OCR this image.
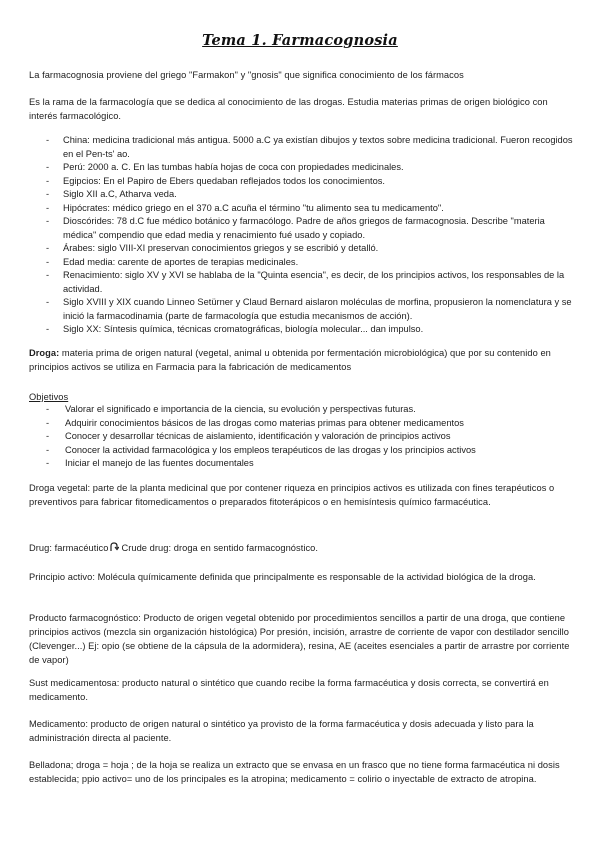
Tema 1. Farmacognosia
La farmacognosia proviene del griego "Farmakon" y "gnosis" que significa conocimiento de los fármacos
Es la rama de la farmacología que se dedica al conocimiento de las drogas. Estudia materias primas de origen biológico con interés farmacológico.
- China: medicina tradicional más antigua. 5000 a.C ya existían dibujos y textos sobre medicina tradicional. Fueron recogidos en el Pen-ts' ao.
- Perú: 2000 a. C. En las tumbas había hojas de coca con propiedades medicinales.
- Egipcios: En el Papiro de Ebers quedaban reflejados todos los conocimientos.
- Siglo XII a.C, Atharva veda.
- Hipócrates: médico griego en el 370 a.C acuña el término "tu alimento sea tu medicamento".
- Dioscórides: 78 d.C fue médico botánico y farmacólogo. Padre de años griegos de farmacognosia. Describe "materia médica" compendio que edad media y renacimiento fué usado y copiado.
- Árabes: siglo VIII-XI preservan conocimientos griegos y se escribió y detalló.
- Edad media: carente de aportes de terapias medicinales.
- Renacimiento: siglo XV y XVI se hablaba de la "Quinta esencia", es decir, de los principios activos, los responsables de la actividad.
- Siglo XVIII y XIX cuando Linneo Setürner y Claud Bernard aislaron moléculas de morfina, propusieron la nomenclatura y se inició la farmacodinamia (parte de farmacología que estudia mecanismos de acción).
- Siglo XX: Síntesis química, técnicas cromatográficas, biología molecular... dan impulso.
Droga: materia prima de origen natural (vegetal, animal u obtenida por fermentación microbiológica) que por su contenido en principios activos se utiliza en Farmacia para la fabricación de medicamentos
Objetivos
- Valorar el significado e importancia de la ciencia, su evolución y perspectivas futuras.
- Adquirir conocimientos básicos de las drogas como materias primas para obtener medicamentos
- Conocer y desarrollar técnicas de aislamiento, identificación y valoración de principios activos
- Conocer la actividad farmacológica y los empleos terapéuticos de las drogas y los principios activos
- Iniciar el manejo de las fuentes documentales
Droga vegetal: parte de la planta medicinal que por contener riqueza en principios activos es utilizada con fines terapéuticos o preventivos para fabricar fitomedicamentos o preparados fitoterápicos o en hemisíntesis químico farmacéutica.
Drug: farmacéutico Crude drug: droga en sentido farmacognóstico.
Principio activo: Molécula químicamente definida que principalmente es responsable de la actividad biológica de la droga.
Producto farmacognóstico: Producto de origen vegetal obtenido por procedimientos sencillos a partir de una droga, que contiene principios activos (mezcla sin organización histológica) Por presión, incisión, arrastre de corriente de vapor con destilador sencillo (Clevenger...) Ej: opio (se obtiene de la cápsula de la adormidera), resina, AE (aceites esenciales a partir de arrastre por corriente de vapor)
Sust medicamentosa: producto natural o sintético que cuando recibe la forma farmacéutica y dosis correcta, se convertirá en medicamento.
Medicamento: producto de origen natural o sintético ya provisto de la forma farmacéutica y dosis adecuada y listo para la administración directa al paciente.
Belladona; droga = hoja ; de la hoja se realiza un extracto que se envasa en un frasco que no tiene forma farmacéutica ni dosis establecida; ppio activo= uno de los principales es la atropina; medicamento = colirio o inyectable de extracto de atropina.
